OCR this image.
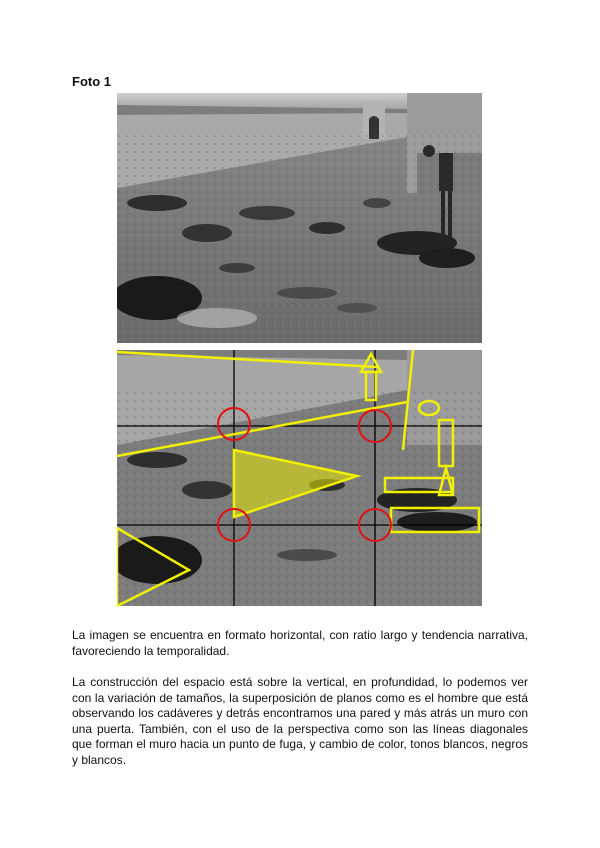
Foto 1

La imagen se encuentra en formato horizontal, con ratio largo y tendencia narrativa, favoreciendo la temporalidad.

La construcción del espacio está sobre la vertical, en profundidad, lo podemos ver con la variación de tamaños, la superposición de planos como es el hombre que está observando los cadáveres y detrás encontramos una pared y más atrás un muro con una puerta. También, con el uso de la perspectiva como son las líneas diagonales que forman el muro hacia un punto de fuga, y cambio de color, tonos blancos, negros y blancos.
